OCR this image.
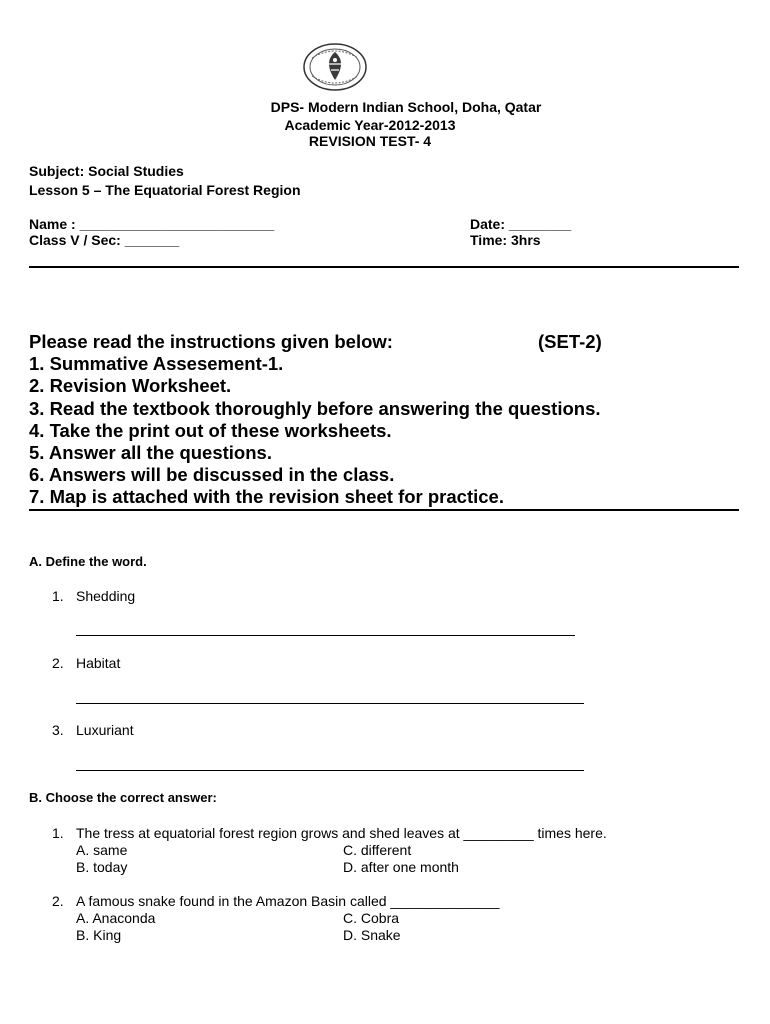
DPS- Modern Indian School, Doha, Qatar
Academic Year-2012-2013
REVISION TEST- 4
Subject: Social Studies
Lesson 5 – The Equatorial Forest Region
Name : _________________________
Class V / Sec: _______
Date: ________
Time: 3hrs
Please read the instructions given below:	(SET-2)
1. Summative Assesement-1.
2. Revision Worksheet.
3. Read the textbook thoroughly before answering the questions.
4. Take the print out of these worksheets.
5. Answer all the questions.
6. Answers will be discussed in the class.
7. Map is attached with the revision sheet for practice.
A. Define the word.
1. Shedding
2. Habitat
3. Luxuriant
B. Choose the correct answer:
1. The tress at equatorial forest region grows and shed leaves at _________ times here.
A. same
B. today
C. different
D. after one month
2. A famous snake found in the Amazon Basin called ______________
A. Anaconda
B. King
C. Cobra
D. Snake
